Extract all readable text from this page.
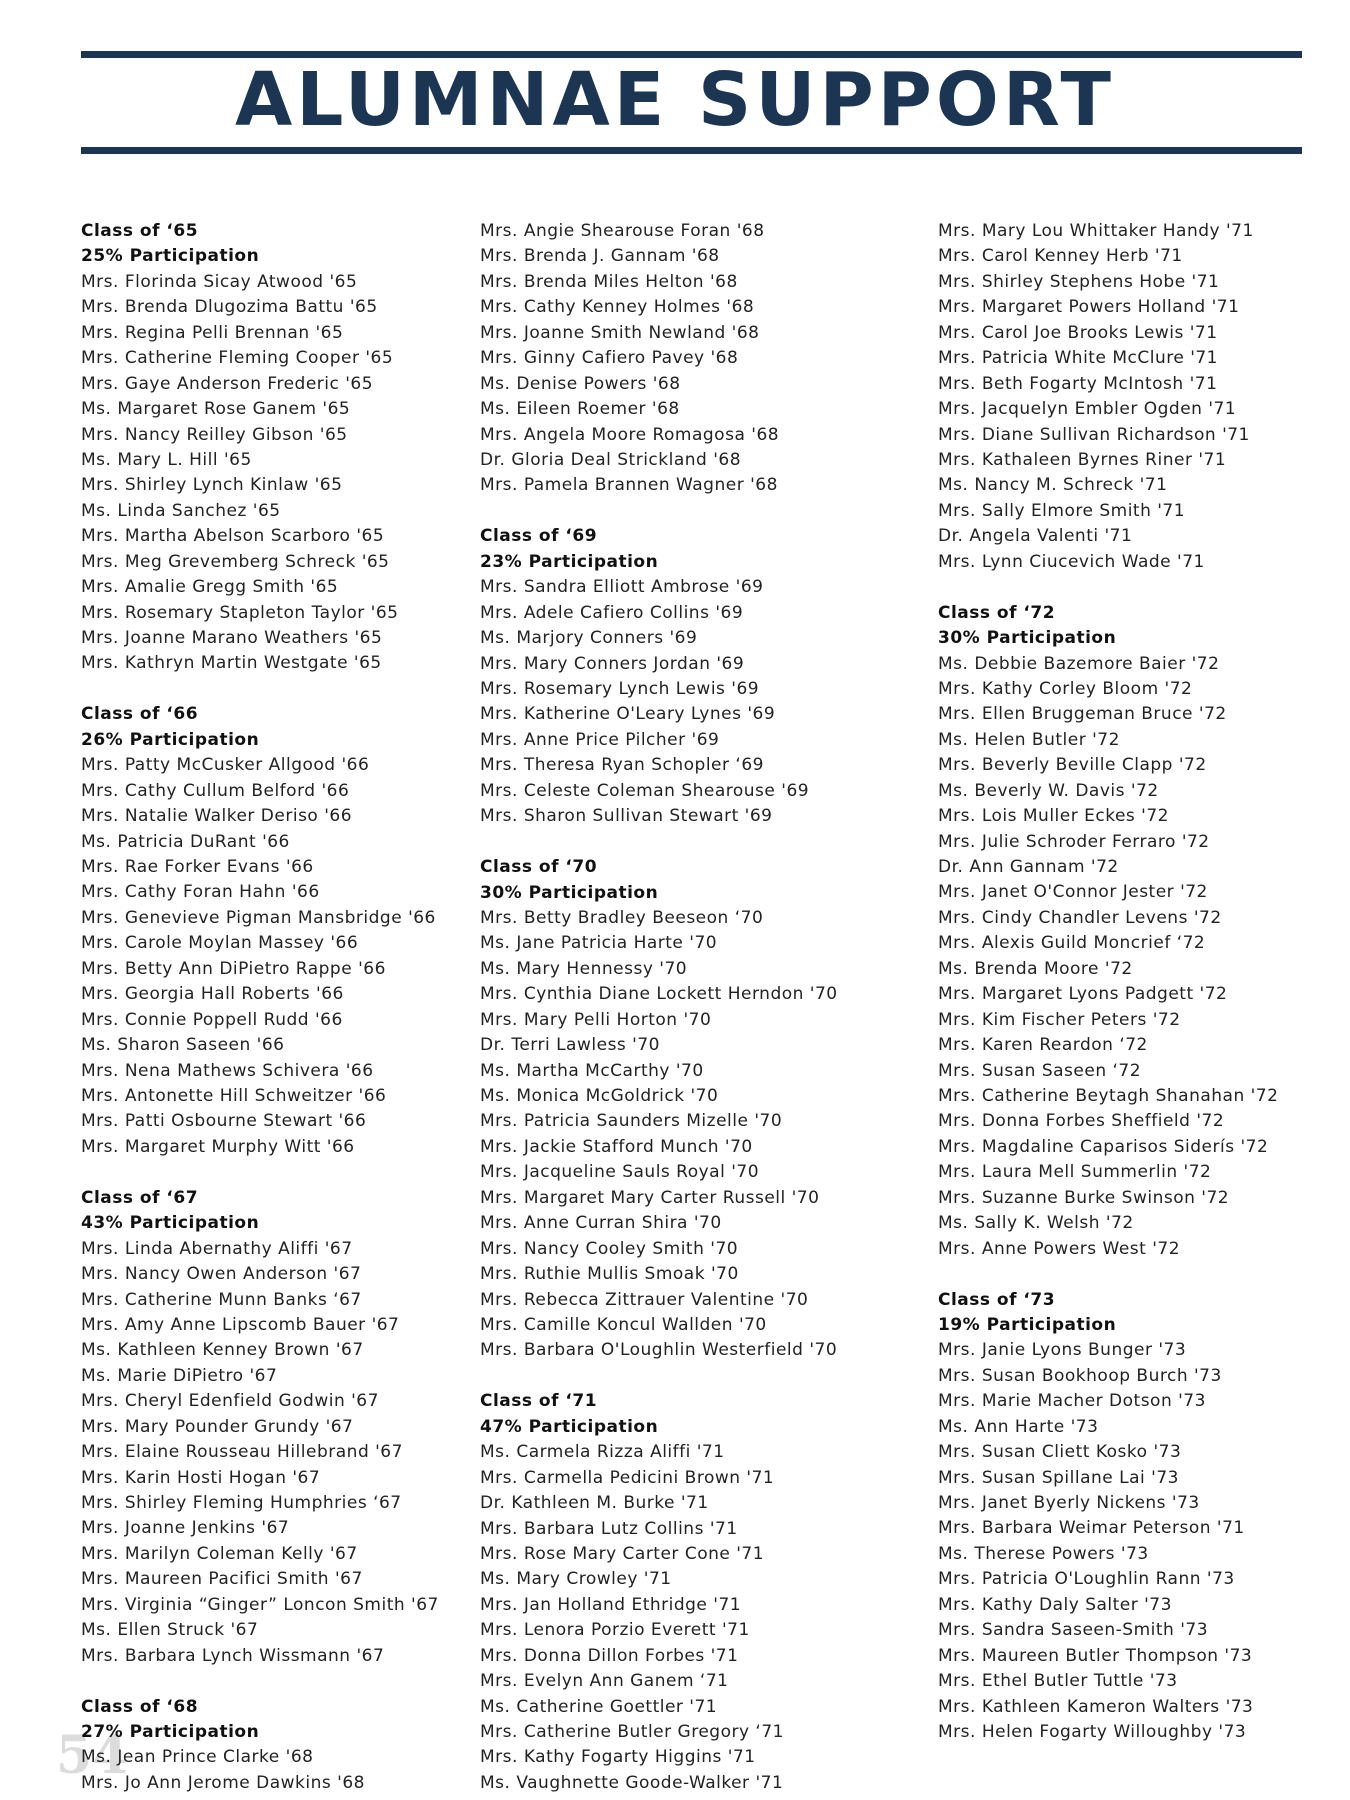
ALUMNAE SUPPORT
54
Class of ‘65
25% Participation
Mrs. Florinda Sicay Atwood '65
Mrs. Brenda Dlugozima Battu '65
Mrs. Regina Pelli Brennan '65
Mrs. Catherine Fleming Cooper '65
Mrs. Gaye Anderson Frederic '65
Ms. Margaret Rose Ganem '65
Mrs. Nancy Reilley Gibson '65
Ms. Mary L. Hill '65
Mrs. Shirley Lynch Kinlaw '65
Ms. Linda Sanchez '65
Mrs. Martha Abelson Scarboro '65
Mrs. Meg Grevemberg Schreck '65
Mrs. Amalie Gregg Smith '65
Mrs. Rosemary Stapleton Taylor '65
Mrs. Joanne Marano Weathers '65
Mrs. Kathryn Martin Westgate '65
Class of ‘66
26% Participation
Mrs. Patty McCusker Allgood '66
Mrs. Cathy Cullum Belford '66
Mrs. Natalie Walker Deriso '66
Ms. Patricia DuRant '66
Mrs. Rae Forker Evans '66
Mrs. Cathy Foran Hahn '66
Mrs. Genevieve Pigman Mansbridge '66
Mrs. Carole Moylan Massey '66
Mrs. Betty Ann DiPietro Rappe '66
Mrs. Georgia Hall Roberts '66
Mrs. Connie Poppell Rudd '66
Ms. Sharon Saseen '66
Mrs. Nena Mathews Schivera '66
Mrs. Antonette Hill Schweitzer '66
Mrs. Patti Osbourne Stewart '66
Mrs. Margaret Murphy Witt '66
Class of ‘67
43% Participation
Mrs. Linda Abernathy Aliffi '67
Mrs. Nancy Owen Anderson '67
Mrs. Catherine Munn Banks ‘67
Mrs. Amy Anne Lipscomb Bauer '67
Ms. Kathleen Kenney Brown '67
Ms. Marie DiPietro '67
Mrs. Cheryl Edenfield Godwin '67
Mrs. Mary Pounder Grundy '67
Mrs. Elaine Rousseau Hillebrand '67
Mrs. Karin Hosti Hogan '67
Mrs. Shirley Fleming Humphries ‘67
Mrs. Joanne Jenkins '67
Mrs. Marilyn Coleman Kelly '67
Mrs. Maureen Pacifici Smith '67
Mrs. Virginia “Ginger” Loncon Smith '67
Ms. Ellen Struck '67
Mrs. Barbara Lynch Wissmann '67
Class of ‘68
27% Participation
Ms. Jean Prince Clarke '68
Mrs. Jo Ann Jerome Dawkins '68
Mrs. Angie Shearouse Foran '68
Mrs. Brenda J. Gannam '68
Mrs. Brenda Miles Helton '68
Mrs. Cathy Kenney Holmes '68
Mrs. Joanne Smith Newland '68
Mrs. Ginny Cafiero Pavey '68
Ms. Denise Powers '68
Ms. Eileen Roemer '68
Mrs. Angela Moore Romagosa '68
Dr. Gloria Deal Strickland '68
Mrs. Pamela Brannen Wagner '68
Class of ‘69
23% Participation
Mrs. Sandra Elliott Ambrose '69
Mrs. Adele Cafiero Collins '69
Ms. Marjory Conners '69
Mrs. Mary Conners Jordan '69
Mrs. Rosemary Lynch Lewis '69
Mrs. Katherine O'Leary Lynes '69
Mrs. Anne Price Pilcher '69
Mrs. Theresa Ryan Schopler ‘69
Mrs. Celeste Coleman Shearouse '69
Mrs. Sharon Sullivan Stewart '69
Class of ‘70
30% Participation
Mrs. Betty Bradley Beeseon ‘70
Ms. Jane Patricia Harte '70
Ms. Mary Hennessy '70
Mrs. Cynthia Diane Lockett Herndon '70
Mrs. Mary Pelli Horton '70
Dr. Terri Lawless '70
Ms. Martha McCarthy '70
Ms. Monica McGoldrick '70
Mrs. Patricia Saunders Mizelle '70
Mrs. Jackie Stafford Munch '70
Mrs. Jacqueline Sauls Royal '70
Mrs. Margaret Mary Carter Russell '70
Mrs. Anne Curran Shira '70
Mrs. Nancy Cooley Smith '70
Mrs. Ruthie Mullis Smoak '70
Mrs. Rebecca Zittrauer Valentine '70
Mrs. Camille Koncul Wallden '70
Mrs. Barbara O'Loughlin Westerfield '70
Class of ‘71
47% Participation
Ms. Carmela Rizza Aliffi '71
Mrs. Carmella Pedicini Brown '71
Dr. Kathleen M. Burke '71
Mrs. Barbara Lutz Collins '71
Mrs. Rose Mary Carter Cone '71
Ms. Mary Crowley '71
Mrs. Jan Holland Ethridge '71
Mrs. Lenora Porzio Everett '71
Mrs. Donna Dillon Forbes '71
Mrs. Evelyn Ann Ganem ‘71
Ms. Catherine Goettler '71
Mrs. Catherine Butler Gregory ‘71
Mrs. Kathy Fogarty Higgins '71
Ms. Vaughnette Goode-Walker '71
Mrs. Mary Lou Whittaker Handy '71
Mrs. Carol Kenney Herb '71
Mrs. Shirley Stephens Hobe '71
Mrs. Margaret Powers Holland '71
Mrs. Carol Joe Brooks Lewis '71
Mrs. Patricia White McClure '71
Mrs. Beth Fogarty McIntosh '71
Mrs. Jacquelyn Embler Ogden '71
Mrs. Diane Sullivan Richardson '71
Mrs. Kathaleen Byrnes Riner '71
Ms. Nancy M. Schreck '71
Mrs. Sally Elmore Smith '71
Dr. Angela Valenti '71
Mrs. Lynn Ciucevich Wade '71
Class of ‘72
30% Participation
Ms. Debbie Bazemore Baier '72
Mrs. Kathy Corley Bloom '72
Mrs. Ellen Bruggeman Bruce '72
Ms. Helen Butler '72
Mrs. Beverly Beville Clapp '72
Ms. Beverly W. Davis '72
Mrs. Lois Muller Eckes '72
Mrs. Julie Schroder Ferraro '72
Dr. Ann Gannam '72
Mrs. Janet O'Connor Jester '72
Mrs. Cindy Chandler Levens '72
Mrs. Alexis Guild Moncrief ‘72
Ms. Brenda Moore '72
Mrs. Margaret Lyons Padgett '72
Mrs. Kim Fischer Peters '72
Mrs. Karen Reardon ‘72
Mrs. Susan Saseen ‘72
Mrs. Catherine Beytagh Shanahan '72
Mrs. Donna Forbes Sheffield '72
Mrs. Magdaline Caparisos Siderís '72
Mrs. Laura Mell Summerlin '72
Mrs. Suzanne Burke Swinson '72
Ms. Sally K. Welsh '72
Mrs. Anne Powers West '72
Class of ‘73
19% Participation
Mrs. Janie Lyons Bunger '73
Mrs. Susan Bookhoop Burch '73
Mrs. Marie Macher Dotson '73
Ms. Ann Harte '73
Mrs. Susan Cliett Kosko '73
Mrs. Susan Spillane Lai '73
Mrs. Janet Byerly Nickens '73
Mrs. Barbara Weimar Peterson '71
Ms. Therese Powers '73
Mrs. Patricia O'Loughlin Rann '73
Mrs. Kathy Daly Salter '73
Mrs. Sandra Saseen-Smith '73
Mrs. Maureen Butler Thompson '73
Mrs. Ethel Butler Tuttle '73
Mrs. Kathleen Kameron Walters '73
Mrs. Helen Fogarty Willoughby '73
